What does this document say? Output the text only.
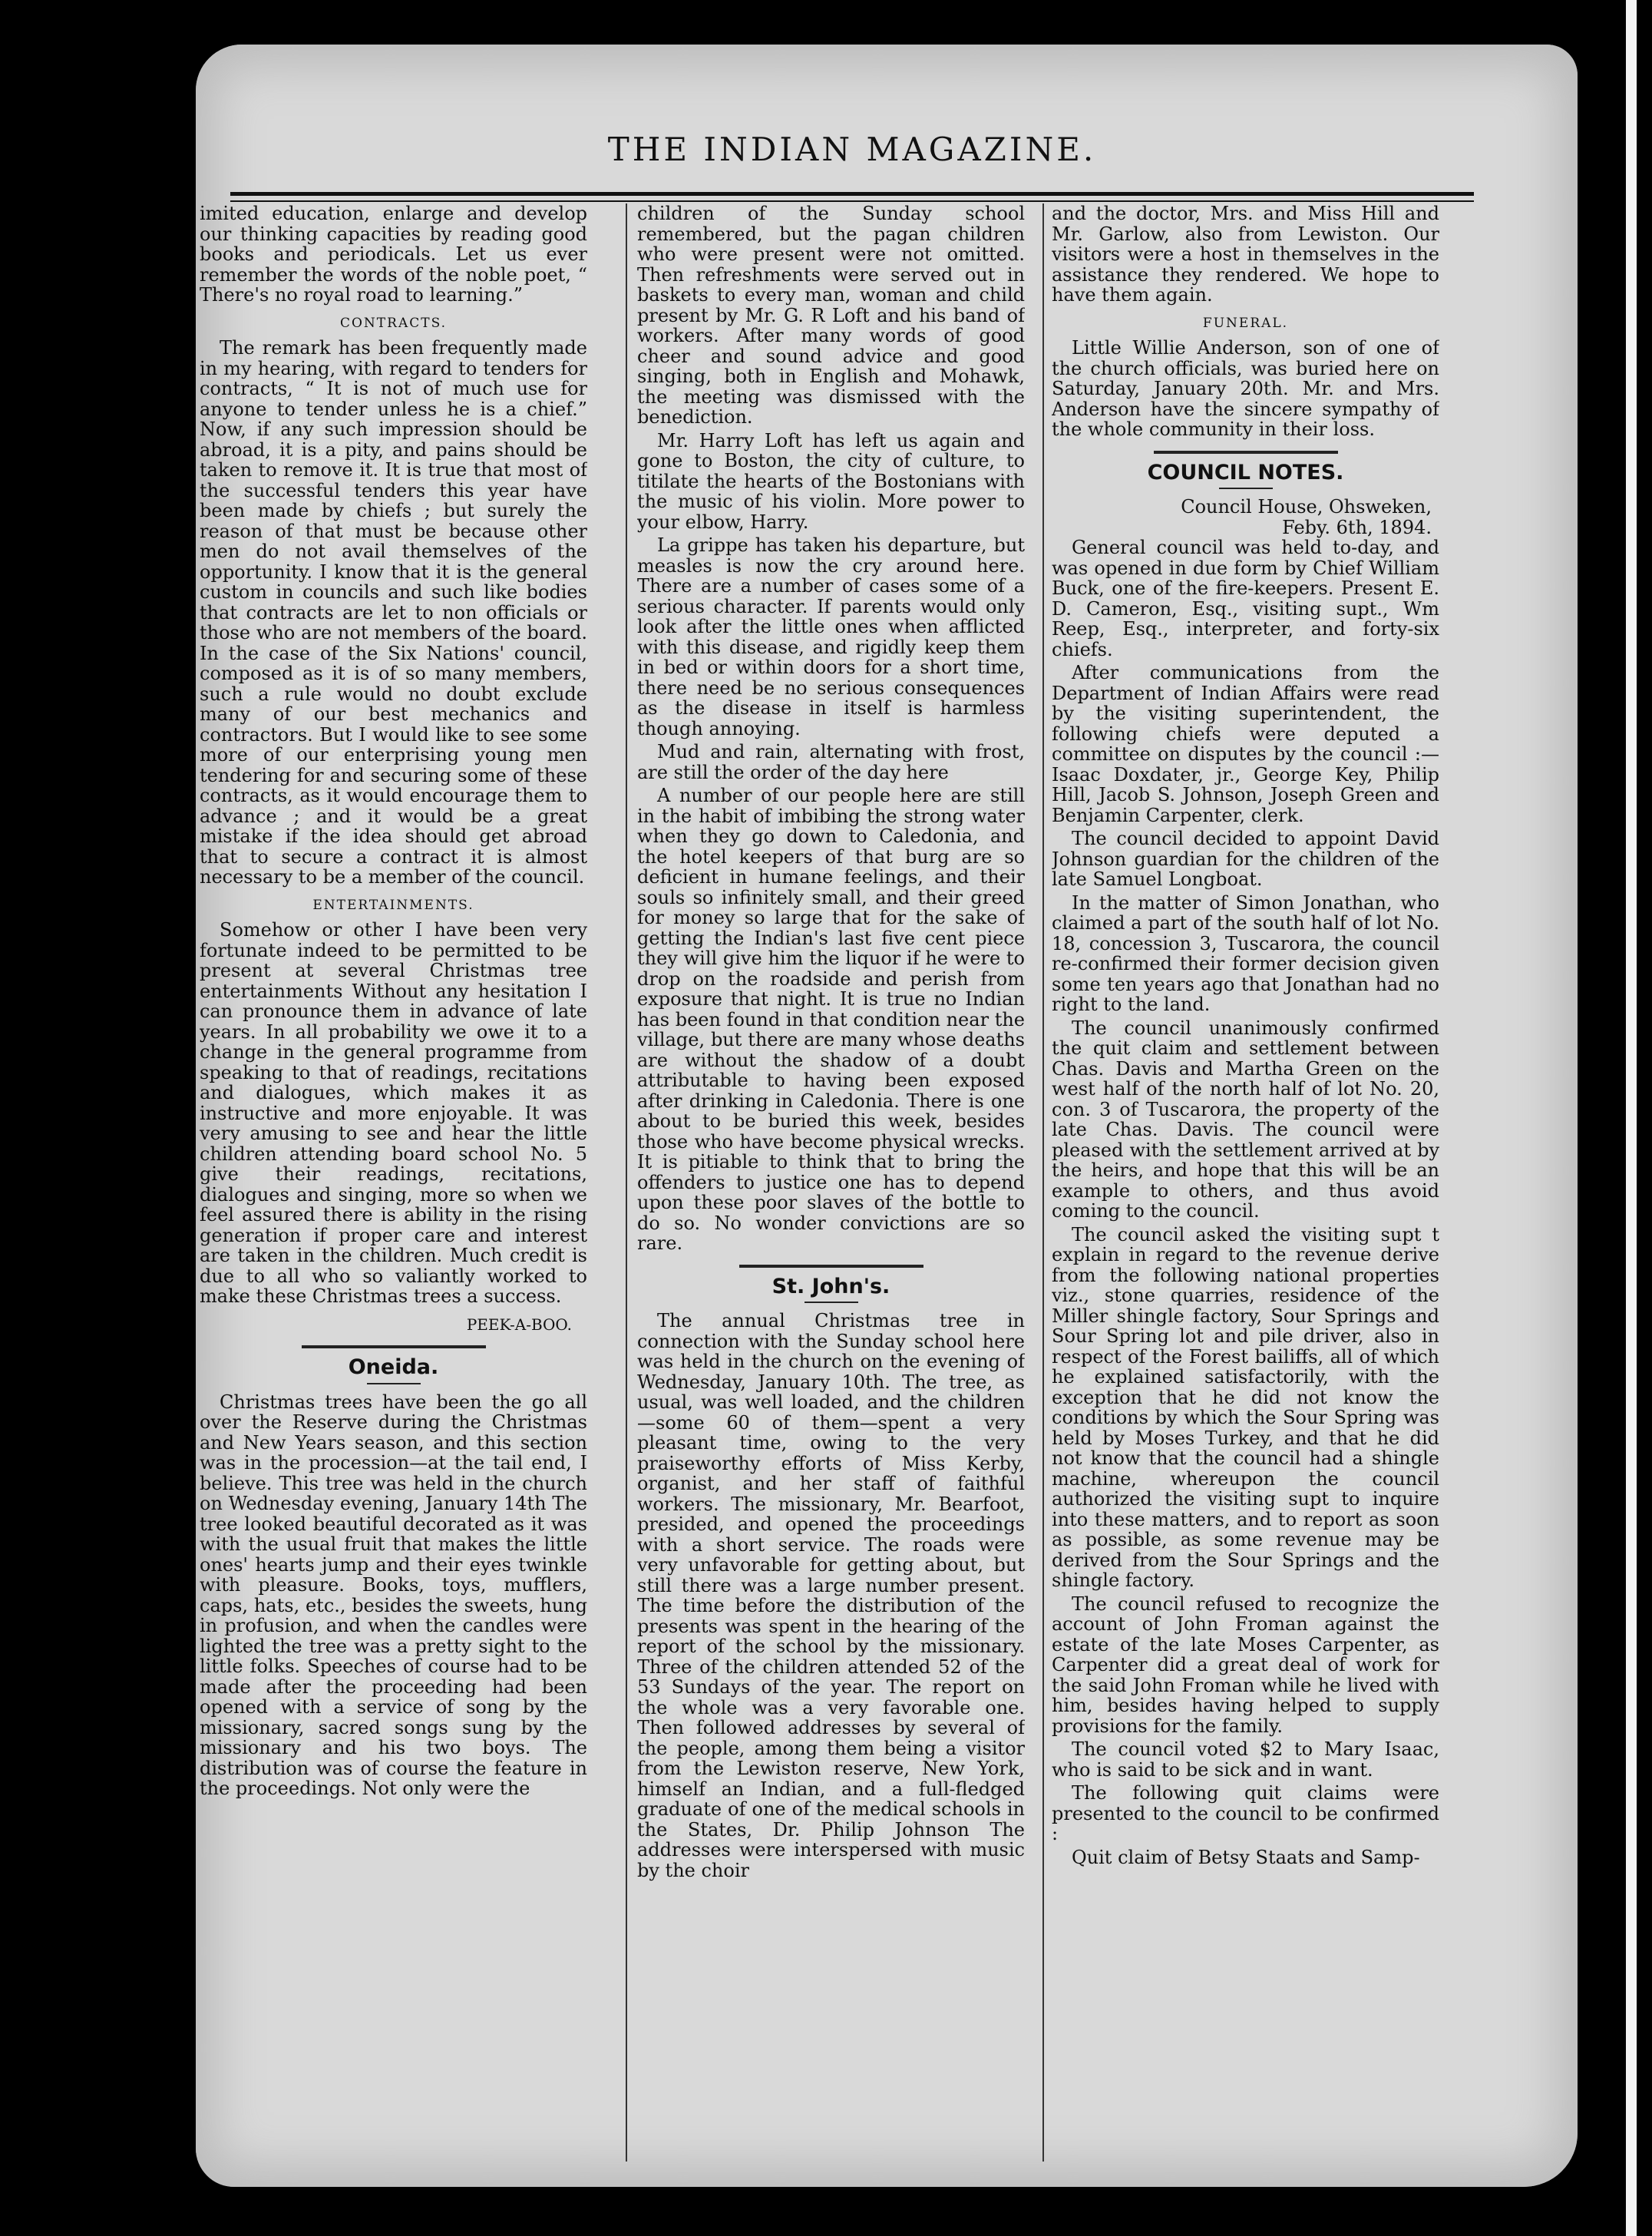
THE INDIAN MAGAZINE.

imited education, enlarge and develop our thinking capacities by reading good books and periodicals. Let us ever remember the words of the noble poet, “ There's no royal road to learning.”

CONTRACTS.

The remark has been frequently made in my hearing, with regard to tenders for contracts, “ It is not of much use for anyone to tender unless he is a chief.” Now, if any such impression should be abroad, it is a pity, and pains should be taken to remove it. It is true that most of the successful tenders this year have been made by chiefs ; but surely the reason of that must be because other men do not avail themselves of the opportunity. I know that it is the general custom in councils and such like bodies that contracts are let to non officials or those who are not members of the board. In the case of the Six Nations' council, composed as it is of so many members, such a rule would no doubt exclude many of our best mechanics and contractors. But I would like to see some more of our enterprising young men tendering for and securing some of these contracts, as it would encourage them to advance ; and it would be a great mistake if the idea should get abroad that to secure a contract it is almost necessary to be a member of the council.

ENTERTAINMENTS.

Somehow or other I have been very fortunate indeed to be permitted to be present at several Christmas tree entertainments Without any hesitation I can pronounce them in advance of late years. In all probability we owe it to a change in the general programme from speaking to that of readings, recitations and dialogues, which makes it as instructive and more enjoyable. It was very amusing to see and hear the little children attending board school No. 5 give their readings, recitations, dialogues and singing, more so when we feel assured there is ability in the rising generation if proper care and interest are taken in the children. Much credit is due to all who so valiantly worked to make these Christmas trees a success.

PEEK-A-BOO.
Oneida.

Christmas trees have been the go all over the Reserve during the Christmas and New Years season, and this section was in the procession—at the tail end, I believe. This tree was held in the church on Wednesday evening, January 14th The tree looked beautiful decorated as it was with the usual fruit that makes the little ones' hearts jump and their eyes twinkle with pleasure. Books, toys, mufflers, caps, hats, etc., besides the sweets, hung in profusion, and when the candles were lighted the tree was a pretty sight to the little folks. Speeches of course had to be made after the proceeding had been opened with a service of song by the missionary, sacred songs sung by the missionary and his two boys. The distribution was of course the feature in the proceedings. Not only were the

children of the Sunday school remembered, but the pagan children who were present were not omitted. Then refreshments were served out in baskets to every man, woman and child present by Mr. G. R Loft and his band of workers. After many words of good cheer and sound advice and good singing, both in English and Mohawk, the meeting was dismissed with the benediction.

Mr. Harry Loft has left us again and gone to Boston, the city of culture, to titilate the hearts of the Bostonians with the music of his violin. More power to your elbow, Harry.

La grippe has taken his departure, but measles is now the cry around here. There are a number of cases some of a serious character. If parents would only look after the little ones when afflicted with this disease, and rigidly keep them in bed or within doors for a short time, there need be no serious consequences as the disease in itself is harmless though annoying.

Mud and rain, alternating with frost, are still the order of the day here

A number of our people here are still in the habit of imbibing the strong water when they go down to Caledonia, and the hotel keepers of that burg are so deficient in humane feelings, and their souls so infinitely small, and their greed for money so large that for the sake of getting the Indian's last five cent piece they will give him the liquor if he were to drop on the roadside and perish from exposure that night. It is true no Indian has been found in that condition near the village, but there are many whose deaths are without the shadow of a doubt attributable to having been exposed after drinking in Caledonia. There is one about to be buried this week, besides those who have become physical wrecks. It is pitiable to think that to bring the offenders to justice one has to depend upon these poor slaves of the bottle to do so. No wonder convictions are so rare.

St. John's.

The annual Christmas tree in connection with the Sunday school here was held in the church on the evening of Wednesday, January 10th. The tree, as usual, was well loaded, and the children—some 60 of them—spent a very pleasant time, owing to the very praiseworthy efforts of Miss Kerby, organist, and her staff of faithful workers. The missionary, Mr. Bearfoot, presided, and opened the proceedings with a short service. The roads were very unfavorable for getting about, but still there was a large number present. The time before the distribution of the presents was spent in the hearing of the report of the school by the missionary. Three of the children attended 52 of the 53 Sundays of the year. The report on the whole was a very favorable one. Then followed addresses by several of the people, among them being a visitor from the Lewiston reserve, New York, himself an Indian, and a full-fledged graduate of one of the medical schools in the States, Dr. Philip Johnson The addresses were interspersed with music by the choir

and the doctor, Mrs. and Miss Hill and Mr. Garlow, also from Lewiston. Our visitors were a host in themselves in the assistance they rendered. We hope to have them again.

FUNERAL.

Little Willie Anderson, son of one of the church officials, was buried here on Saturday, January 20th. Mr. and Mrs. Anderson have the sincere sympathy of the whole community in their loss.

COUNCIL NOTES.
Council House, Ohsweken,
Feby. 6th, 1894.

General council was held to-day, and was opened in due form by Chief William Buck, one of the fire-keepers. Present E. D. Cameron, Esq., visiting supt., Wm Reep, Esq., interpreter, and forty-six chiefs.

After communications from the Department of Indian Affairs were read by the visiting superintendent, the following chiefs were deputed a committee on disputes by the council :—Isaac Doxdater, jr., George Key, Philip Hill, Jacob S. Johnson, Joseph Green and Benjamin Carpenter, clerk.

The council decided to appoint David Johnson guardian for the children of the late Samuel Longboat.

In the matter of Simon Jonathan, who claimed a part of the south half of lot No. 18, concession 3, Tuscarora, the council re-confirmed their former decision given some ten years ago that Jonathan had no right to the land.

The council unanimously confirmed the quit claim and settlement between Chas. Davis and Martha Green on the west half of the north half of lot No. 20, con. 3 of Tuscarora, the property of the late Chas. Davis. The council were pleased with the settlement arrived at by the heirs, and hope that this will be an example to others, and thus avoid coming to the council.

The council asked the visiting supt t explain in regard to the revenue derive from the following national properties viz., stone quarries, residence of the Miller shingle factory, Sour Springs and Sour Spring lot and pile driver, also in respect of the Forest bailiffs, all of which he explained satisfactorily, with the exception that he did not know the conditions by which the Sour Spring was held by Moses Turkey, and that he did not know that the council had a shingle machine, whereupon the council authorized the visiting supt to inquire into these matters, and to report as soon as possible, as some revenue may be derived from the Sour Springs and the shingle factory.

The council refused to recognize the account of John Froman against the estate of the late Moses Carpenter, as Carpenter did a great deal of work for the said John Froman while he lived with him, besides having helped to supply provisions for the family.

The council voted $2 to Mary Isaac, who is said to be sick and in want.

The following quit claims were presented to the council to be confirmed :

Quit claim of Betsy Staats and Samp-
